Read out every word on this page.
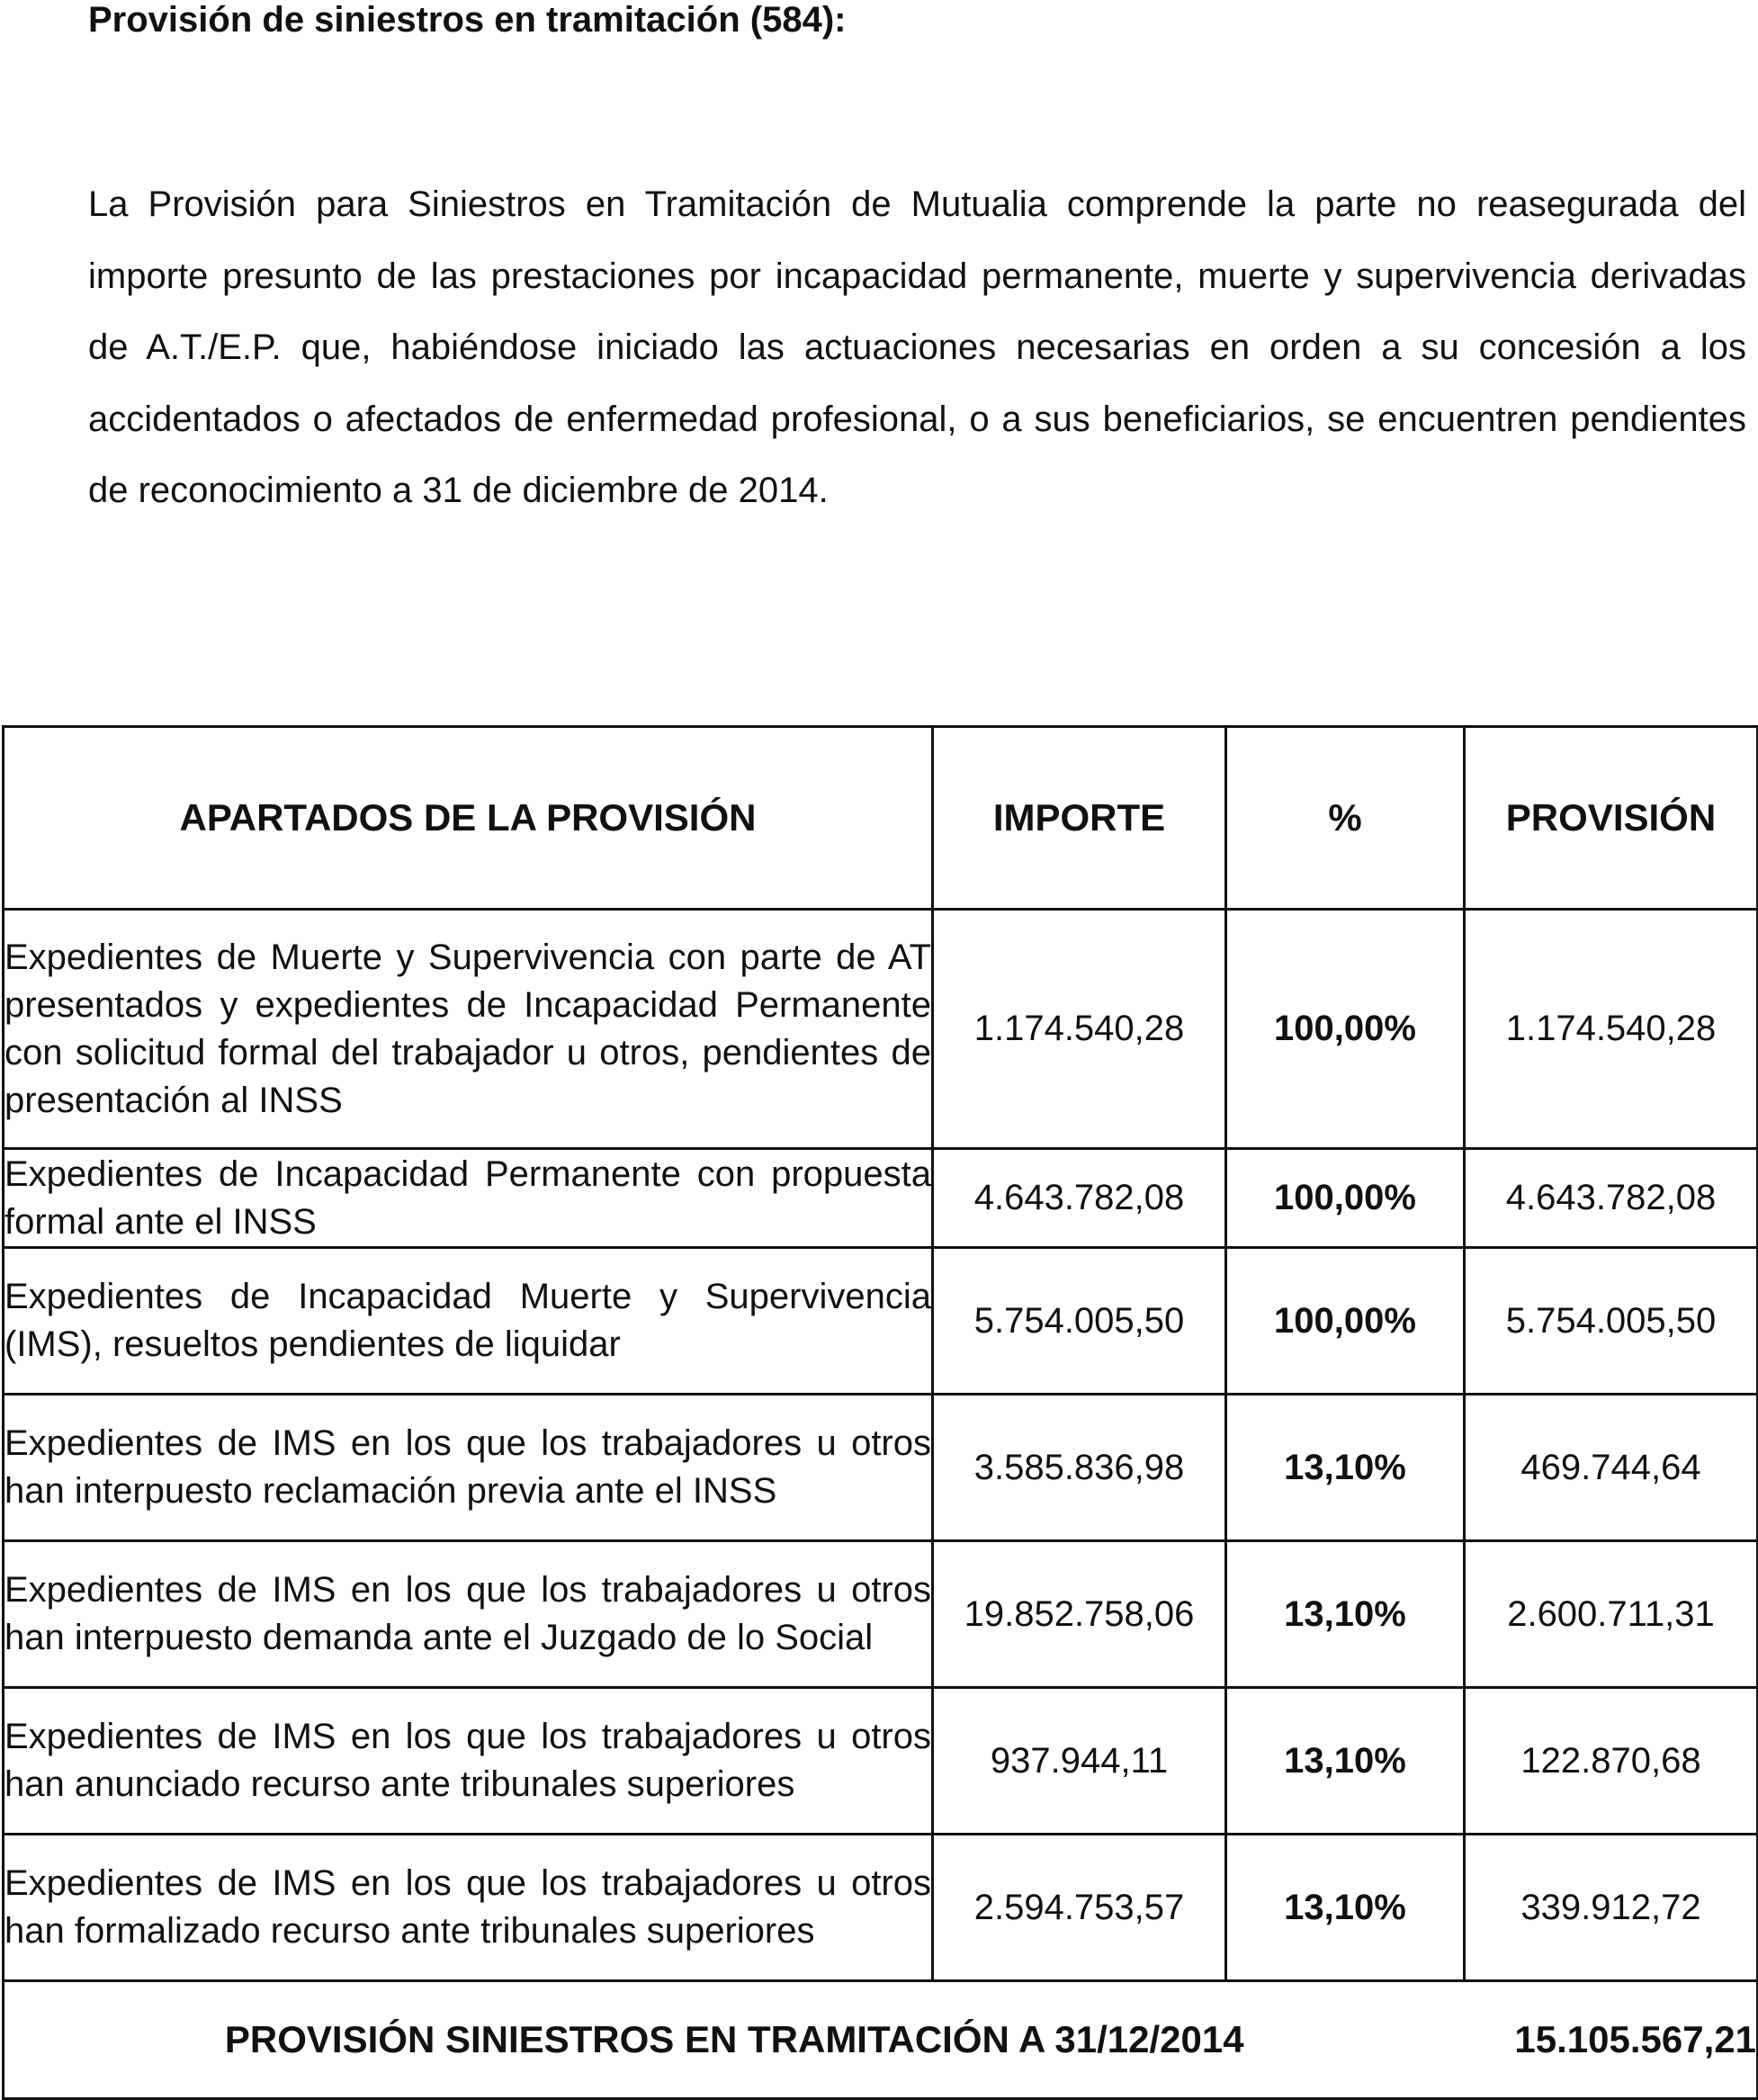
Provisión de siniestros en tramitación (584):

La Provisión para Siniestros en Tramitación de Mutualia comprende la parte no reasegurada del importe presunto de las prestaciones por incapacidad permanente, muerte y supervivencia derivadas de A.T./E.P. que, habiéndose iniciado las actuaciones necesarias en orden a su concesión a los accidentados o afectados de enfermedad profesional, o a sus beneficiarios, se encuentren pendientes de reconocimiento a 31 de diciembre de 2014.

APARTADOS DE LA PROVISIÓN	IMPORTE	%	PROVISIÓN
Expedientes de Muerte y Supervivencia con parte de AT presentados y expedientes de Incapacidad Permanente con solicitud formal del trabajador u otros, pendientes de presentación al INSS	1.174.540,28	100,00%	1.174.540,28
Expedientes de Incapacidad Permanente con propuesta formal ante el INSS	4.643.782,08	100,00%	4.643.782,08
Expedientes de Incapacidad Muerte y Supervivencia (IMS), resueltos pendientes de liquidar	5.754.005,50	100,00%	5.754.005,50
Expedientes de IMS en los que los trabajadores u otros han interpuesto reclamación previa ante el INSS	3.585.836,98	13,10%	469.744,64
Expedientes de IMS en los que los trabajadores u otros han interpuesto demanda ante el Juzgado de lo Social	19.852.758,06	13,10%	2.600.711,31
Expedientes de IMS en los que los trabajadores u otros han anunciado recurso ante tribunales superiores	937.944,11	13,10%	122.870,68
Expedientes de IMS en los que los trabajadores u otros han formalizado recurso ante tribunales superiores	2.594.753,57	13,10%	339.912,72
PROVISIÓN SINIESTROS EN TRAMITACIÓN A 31/12/2014			15.105.567,21
